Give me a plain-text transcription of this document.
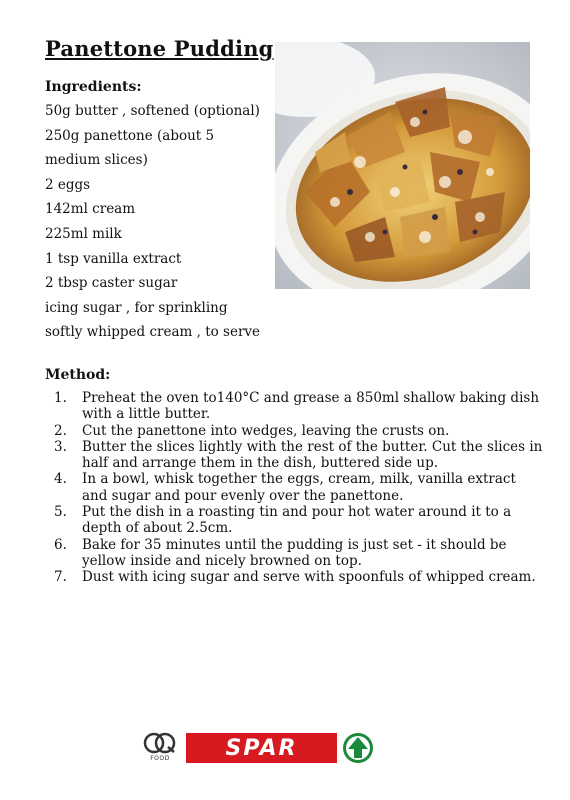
Panettone Pudding
Ingredients:
50g butter , softened (optional)
250g panettone (about 5 medium slices)
2 eggs
142ml cream
225ml milk
1 tsp vanilla extract
2 tbsp caster sugar
icing sugar , for sprinkling
softly whipped cream , to serve
Method:
1. Preheat the oven to140°C and grease a 850ml shallow baking dish with a little butter.
2. Cut the panettone into wedges, leaving the crusts on.
3. Butter the slices lightly with the rest of the butter. Cut the slices in half and arrange them in the dish, buttered side up.
4. In a bowl, whisk together the eggs, cream, milk, vanilla extract and sugar and pour evenly over the panettone.
5. Put the dish in a roasting tin and pour hot water around it to a depth of about 2.5cm.
6. Bake for 35 minutes until the pudding is just set - it should be yellow inside and nicely browned on top.
7. Dust with icing sugar and serve with spoonfuls of whipped cream.
FOOD	SPAR
